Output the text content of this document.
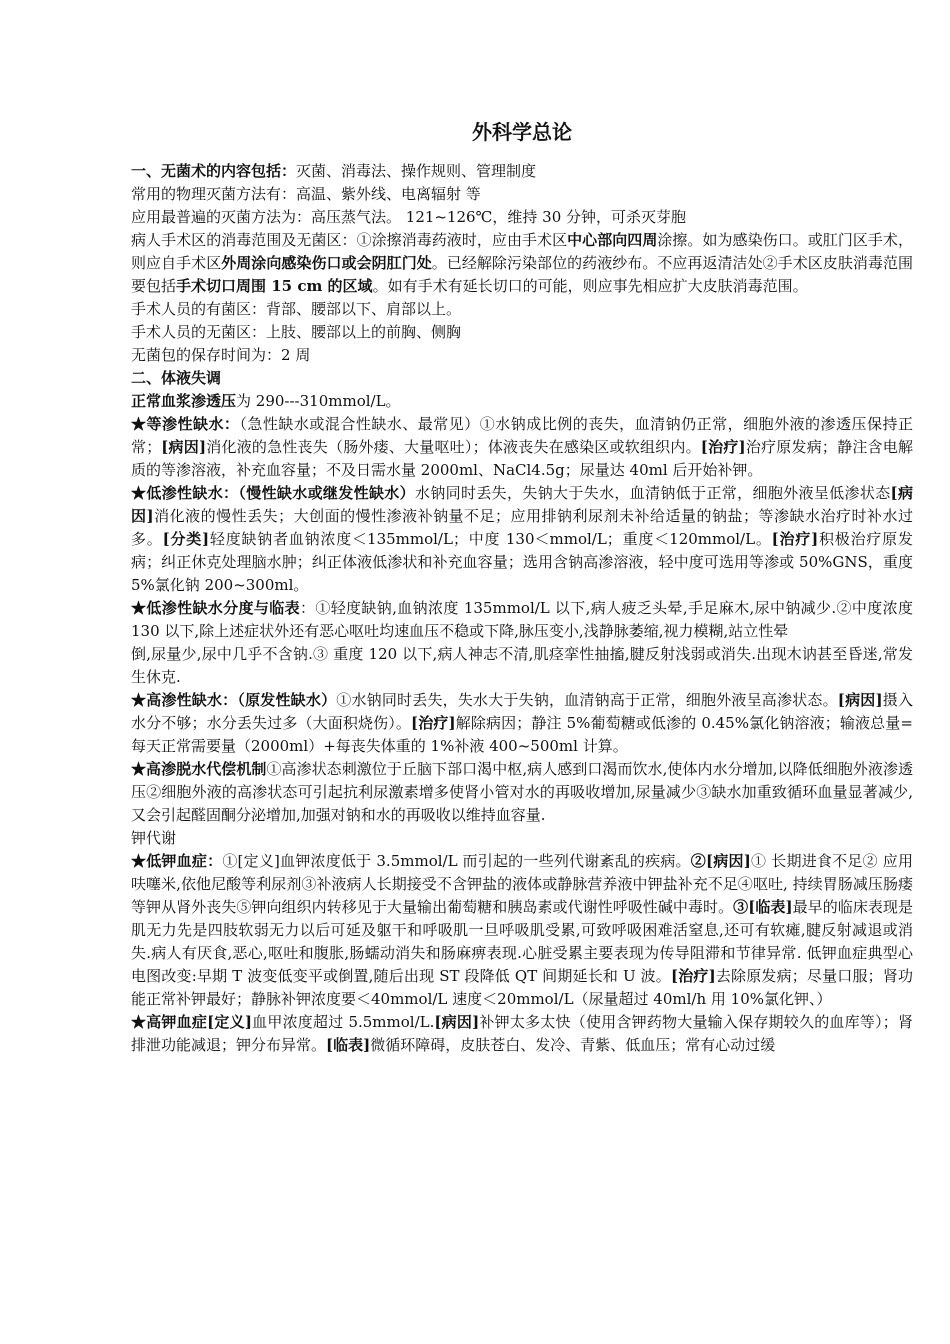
外科学总论

一、无菌术的内容包括：灭菌、消毒法、操作规则、管理制度

常用的物理灭菌方法有：高温、紫外线、电离辐射 等

应用最普遍的灭菌方法为：高压蒸气法。 121~126℃，维持 30 分钟，可杀灭芽胞

病人手术区的消毒范围及无菌区：①涂擦消毒药液时，应由手术区中心部向四周涂擦。如为感染伤口。或肛门区手术，则应自手术区外周涂向感染伤口或会阴肛门处。已经解除污染部位的药液纱布。不应再返清洁处②手术区皮肤消毒范围要包括手术切口周围 15 cm 的区域。如有手术有延长切口的可能，则应事先相应扩大皮肤消毒范围。

手术人员的有菌区：背部、腰部以下、肩部以上。

手术人员的无菌区：上肢、腰部以上的前胸、侧胸

无菌包的保存时间为：2 周

二、体液失调

正常血浆渗透压为 290---310mmol/L。

★等渗性缺水：（急性缺水或混合性缺水、最常见）①水钠成比例的丧失，血清钠仍正常，细胞外液的渗透压保持正常；[病因]消化液的急性丧失（肠外瘘、大量呕吐）；体液丧失在感染区或软组织内。[治疗]治疗原发病；静注含电解质的等渗溶液，补充血容量；不及日需水量 2000ml、NaCl4.5g；尿量达 40ml 后开始补钾。

★低渗性缺水：（慢性缺水或继发性缺水）水钠同时丢失，失钠大于失水，血清钠低于正常，细胞外液呈低渗状态[病因]消化液的慢性丢失；大创面的慢性渗液补钠量不足；应用排钠利尿剂未补给适量的钠盐；等渗缺水治疗时补水过多。[分类]轻度缺钠者血钠浓度＜135mmol/L；中度 130＜mmol/L；重度＜120mmol/L。[治疗]积极治疗原发病；纠正休克处理脑水肿；纠正体液低渗状和补充血容量；选用含钠高渗溶液，轻中度可选用等渗或 50%GNS，重度 5%氯化钠 200~300ml。

★低渗性缺水分度与临表：①轻度缺钠,血钠浓度 135mmol/L 以下,病人疲乏头晕,手足麻木,尿中钠减少.②中度浓度 130 以下,除上述症状外还有恶心呕吐均速血压不稳或下降,脉压变小,浅静脉萎缩,视力模糊,站立性晕

倒,尿量少,尿中几乎不含钠.③ 重度 120 以下,病人神志不清,肌痉挛性抽搐,腱反射浅弱或消失.出现木讷甚至昏迷,常发生休克.

★高渗性缺水：（原发性缺水）①水钠同时丢失，失水大于失钠，血清钠高于正常，细胞外液呈高渗状态。[病因]摄入水分不够；水分丢失过多（大面积烧伤）。[治疗]解除病因；静注 5%葡萄糖或低渗的 0.45%氯化钠溶液；输液总量=每天正常需要量（2000ml）+每丧失体重的 1%补液 400~500ml 计算。

★高渗脱水代偿机制①高渗状态刺激位于丘脑下部口渴中枢,病人感到口渴而饮水,使体内水分增加,以降低细胞外液渗透压②细胞外液的高渗状态可引起抗利尿激素增多使肾小管对水的再吸收增加,尿量减少③缺水加重致循环血量显著减少,又会引起醛固酮分泌增加,加强对钠和水的再吸收以维持血容量.

钾代谢

★低钾血症：①[定义]血钾浓度低于 3.5mmol/L 而引起的一些列代谢紊乱的疾病。②[病因]① 长期进食不足② 应用呋噻米,依他尼酸等利尿剂③补液病人长期接受不含钾盐的液体或静脉营养液中钾盐补充不足④呕吐, 持续胃肠减压肠瘘等钾从肾外丧失⑤钾向组织内转移见于大量输出葡萄糖和胰岛素或代谢性呼吸性碱中毒时。③[临表]最早的临床表现是肌无力先是四肢软弱无力以后可延及躯干和呼吸肌一旦呼吸肌受累,可致呼吸困难活窒息,还可有软瘫,腱反射减退或消失.病人有厌食,恶心,呕吐和腹胀,肠蠕动消失和肠麻痹表现.心脏受累主要表现为传导阻滞和节律异常. 低钾血症典型心电图改变:早期 T 波变低变平或倒置,随后出现 ST 段降低 QT 间期延长和 U 波。[治疗]去除原发病；尽量口服；肾功能正常补钾最好；静脉补钾浓度要＜40mmol/L 速度＜20mmol/L（尿量超过 40ml/h 用 10%氯化钾、）

★高钾血症[定义]血甲浓度超过 5.5mmol/L.[病因]补钾太多太快（使用含钾药物大量输入保存期较久的血库等）；肾排泄功能减退；钾分布异常。[临表]微循环障碍，皮肤苍白、发冷、青紫、低血压；常有心动过缓
